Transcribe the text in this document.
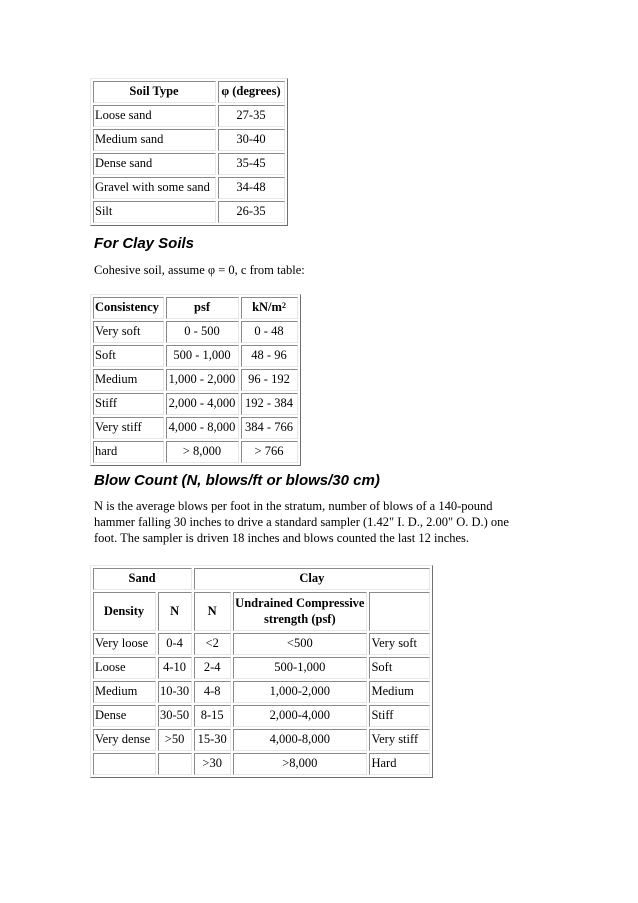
Soil Type	φ (degrees)
Loose sand	27-35
Medium sand	30-40
Dense sand	35-45
Gravel with some sand	34-48
Silt	26-35
For Clay Soils

Cohesive soil, assume φ = 0, c from table:

Consistency	psf	$kN/m^2$
Very soft	0 - 500	0 - 48
Soft	500 - 1,000	48 - 96
Medium	1,000 - 2,000	96 - 192
Stiff	2,000 - 4,000	192 - 384
Very stiff	4,000 - 8,000	384 - 766
hard	> 8,000	> 766
Blow Count (N, blows/ft or blows/30 cm)

N is the average blows per foot in the stratum, number of blows of a 140-pound
hammer falling 30 inches to drive a standard sampler (1.42" I. D., 2.00" O. D.) one
foot. The sampler is driven 18 inches and blows counted the last 12 inches.

Sand		Clay		
Density	N	N	Undrained Compressive
strength (psf)	
Very loose	0-4	<2	<500	Very soft
Loose	4-10	2-4	500-1,000	Soft
Medium	10-30	4-8	1,000-2,000	Medium
Dense	30-50	8-15	2,000-4,000	Stiff
Very dense	>50	15-30	4,000-8,000	Very stiff
		>30	>8,000	Hard
